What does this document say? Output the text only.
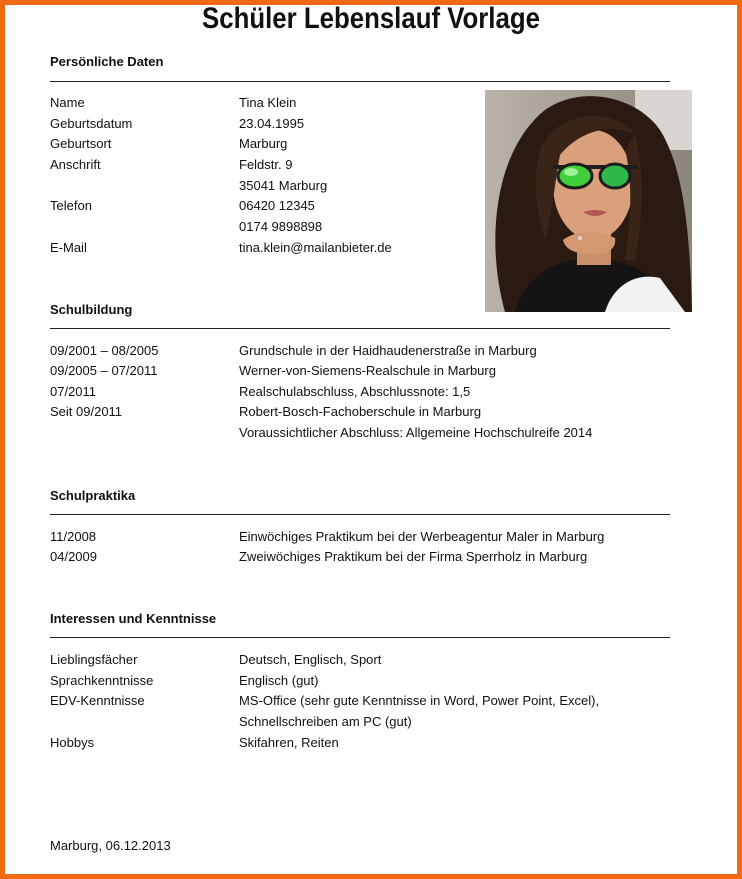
Schüler Lebenslauf Vorlage
Persönliche Daten
Name	Tina Klein
Geburtsdatum	23.04.1995
Geburtsort	Marburg
Anschrift	Feldstr. 9
35041 Marburg
Telefon	06420 12345
0174 9898898
E-Mail	tina.klein@mailanbieter.de
Schulbildung
09/2001 – 08/2005	Grundschule in der Haidhaudenerstraße in Marburg
09/2005 – 07/2011	Werner-von-Siemens-Realschule in Marburg
07/2011	Realschulabschluss, Abschlussnote: 1,5
Seit 09/2011	Robert-Bosch-Fachoberschule in Marburg
Voraussichtlicher Abschluss: Allgemeine Hochschulreife 2014
Schulpraktika
11/2008	Einwöchiges Praktikum bei der Werbeagentur Maler in Marburg
04/2009	Zweiwöchiges Praktikum bei der Firma Sperrholz in Marburg
Interessen und Kenntnisse
Lieblingsfächer	Deutsch, Englisch, Sport
Sprachkenntnisse	Englisch (gut)
EDV-Kenntnisse	MS-Office (sehr gute Kenntnisse in Word, Power Point, Excel),
Schnellschreiben am PC (gut)
Hobbys	Skifahren, Reiten
Marburg, 06.12.2013
